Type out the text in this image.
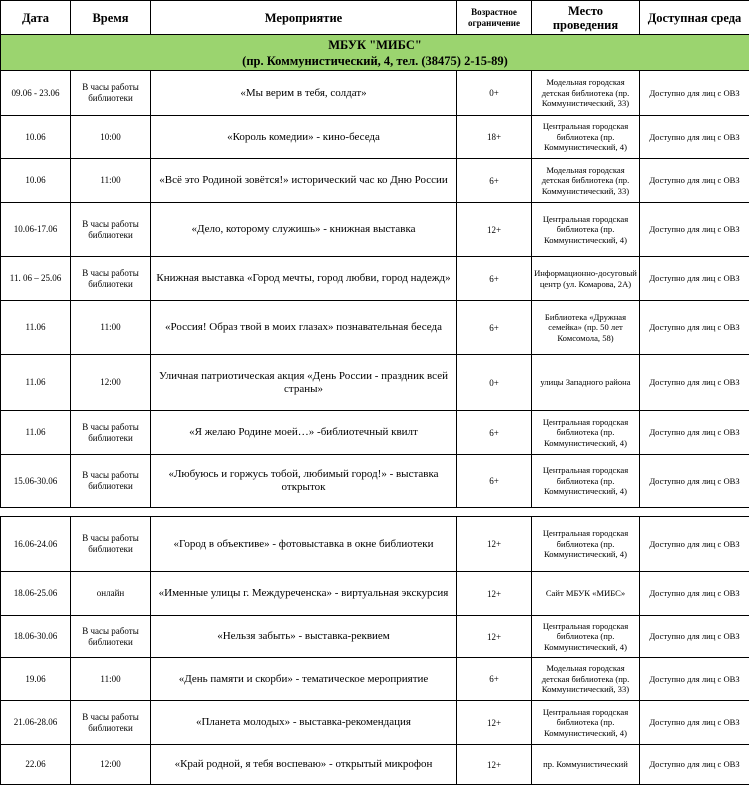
Дата	Время	Мероприятие	Возрастное ограничение	Место проведения	Доступная среда

МБУК "МИБС"
(пр. Коммунистический, 4, тел. (38475) 2-15-89)					

09.06 - 23.06	В часы работы библиотеки	«Мы верим в тебя, солдат»	0+	Модельная городская детская библиотека (пр. Коммунистический, 33)	Доступно для лиц с ОВЗ
10.06	10:00	«Король комедии» - кино-беседа	18+	Центральная городская библиотека (пр. Коммунистический, 4)	Доступно для лиц с ОВЗ
10.06	11:00	«Всё это Родиной зовётся!» исторический час ко Дню России	6+	Модельная городская детская библиотека (пр. Коммунистический, 33)	Доступно для лиц с ОВЗ
10.06-17.06	В часы работы библиотеки	«Дело, которому служишь» - книжная выставка	12+	Центральная городская библиотека (пр. Коммунистический, 4)	Доступно для лиц с ОВЗ
11. 06 – 25.06	В часы работы библиотеки	Книжная выставка «Город мечты, город любви, город надежд»	6+	Информационно-досуговый центр (ул. Комарова, 2А)	Доступно для лиц с ОВЗ
11.06	11:00	«Россия! Образ твой в моих глазах» познавательная беседа	6+	Библиотека «Дружная семейка» (пр. 50 лет Комсомола, 58)	Доступно для лиц с ОВЗ
11.06	12:00	Уличная патриотическая акция «День России - праздник всей страны»	0+	улицы Западного района	Доступно для лиц с ОВЗ
11.06	В часы работы библиотеки	«Я желаю Родине моей…» -библиотечный квилт	6+	Центральная городская библиотека (пр. Коммунистический, 4)	Доступно для лиц с ОВЗ
15.06-30.06	В часы работы библиотеки	«Любуюсь и горжусь тобой, любимый город!» - выставка открыток	6+	Центральная городская библиотека (пр. Коммунистический, 4)	Доступно для лиц с ОВЗ
16.06-24.06	В часы работы библиотеки	«Город в объективе» - фотовыставка в окне библиотеки	12+	Центральная городская библиотека (пр. Коммунистический, 4)	Доступно для лиц с ОВЗ
18.06-25.06	онлайн	«Именные улицы г. Междуреченска» - виртуальная экскурсия	12+	Сайт МБУК «МИБС»	Доступно для лиц с ОВЗ
18.06-30.06	В часы работы библиотеки	«Нельзя забыть» - выставка-реквием	12+	Центральная городская библиотека (пр. Коммунистический, 4)	Доступно для лиц с ОВЗ
19.06	11:00	«День памяти и скорби» - тематическое мероприятие	6+	Модельная городская детская библиотека (пр. Коммунистический, 33)	Доступно для лиц с ОВЗ
21.06-28.06	В часы работы библиотеки	«Планета молодых» - выставка-рекомендация	12+	Центральная городская библиотека (пр. Коммунистический, 4)	Доступно для лиц с ОВЗ
22.06	12:00	«Край родной, я тебя воспеваю» - открытый микрофон	12+	пр. Коммунистический	Доступно для лиц с ОВЗ
